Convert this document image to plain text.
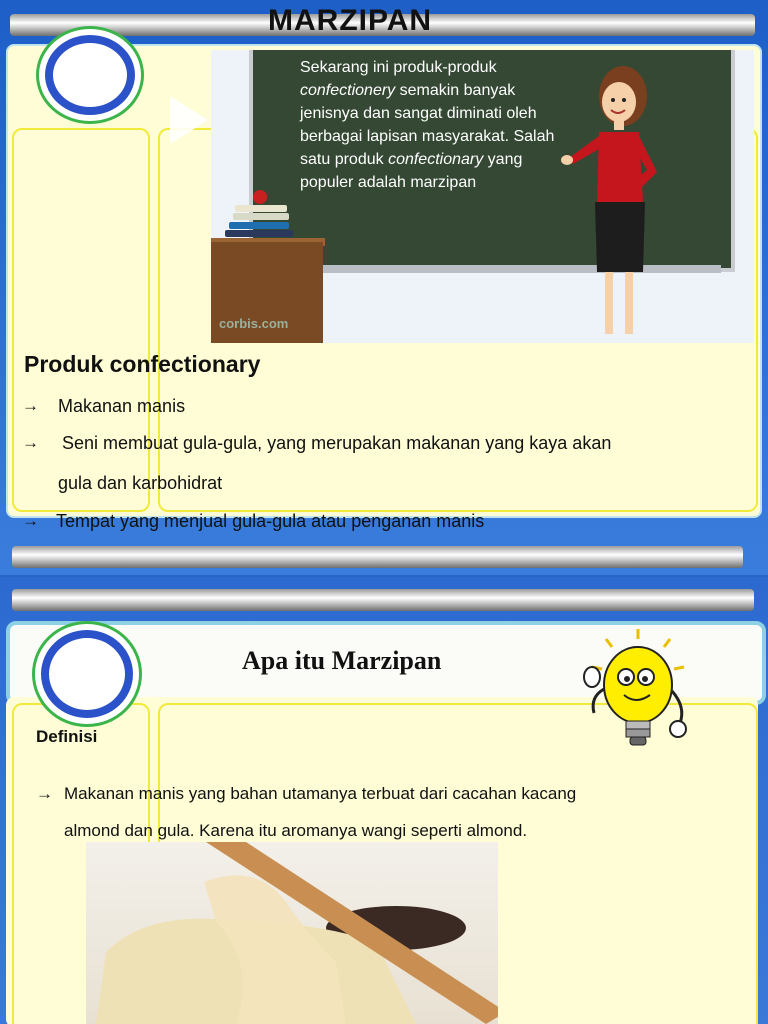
MARZIPAN
Sekarang ini produk-produk
confectionery semakin banyak jenisnya dan sangat diminati oleh berbagai lapisan masyarakat. Salah satu produk confectionary yang populer adalah marzipan
corbis.com
Produk confectionary
→ Makanan manis
→ Seni membuat gula-gula, yang merupakan makanan yang kaya akan
gula dan karbohidrat
→ Tempat yang menjual gula-gula atau penganan manis
Apa itu Marzipan
Definisi
→ Makanan manis yang bahan utamanya terbuat dari cacahan kacang
almond dan gula. Karena itu aromanya wangi seperti almond.
